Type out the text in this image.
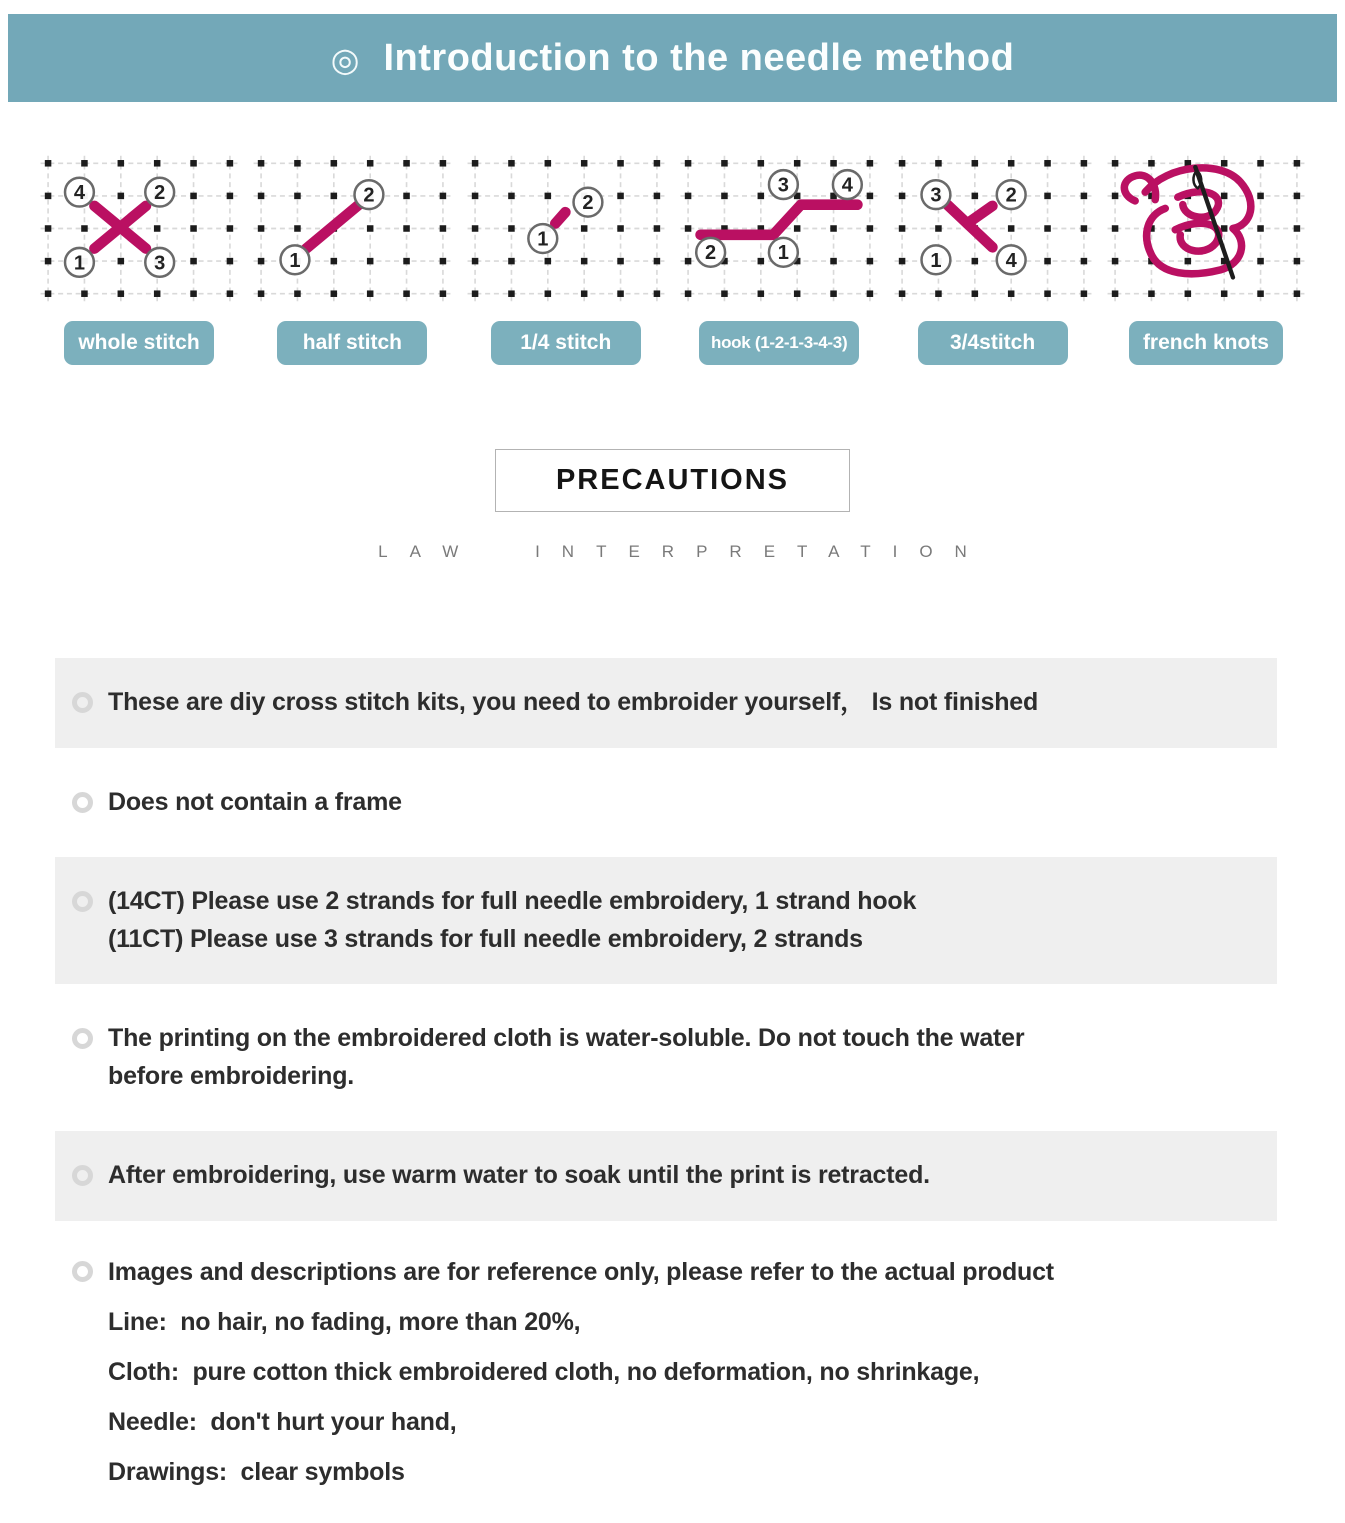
◎ Introduction to the needle method
4	2
1	3
whole stitch
1
2
half stitch
2
1
1/4 stitch
2	1
3	4
hook (1-2-1-3-4-3)
3	2
1	4
3/4stitch	french knots
PRECAUTIONS
LAW INTERPRETATION
These are diy cross stitch kits, you need to embroider yourself， Is not finished
Does not contain a frame
(14CT) Please use 2 strands for full needle embroidery, 1 strand hook
(11CT) Please use 3 strands for full needle embroidery, 2 strands
The printing on the embroidered cloth is water-soluble. Do not touch the water
before embroidering.
After embroidering, use warm water to soak until the print is retracted.
Images and descriptions are for reference only, please refer to the actual product
Line:  no hair, no fading, more than 20%,
Cloth:  pure cotton thick embroidered cloth, no deformation, no shrinkage,
Needle:  don't hurt your hand,
Drawings:  clear symbols
